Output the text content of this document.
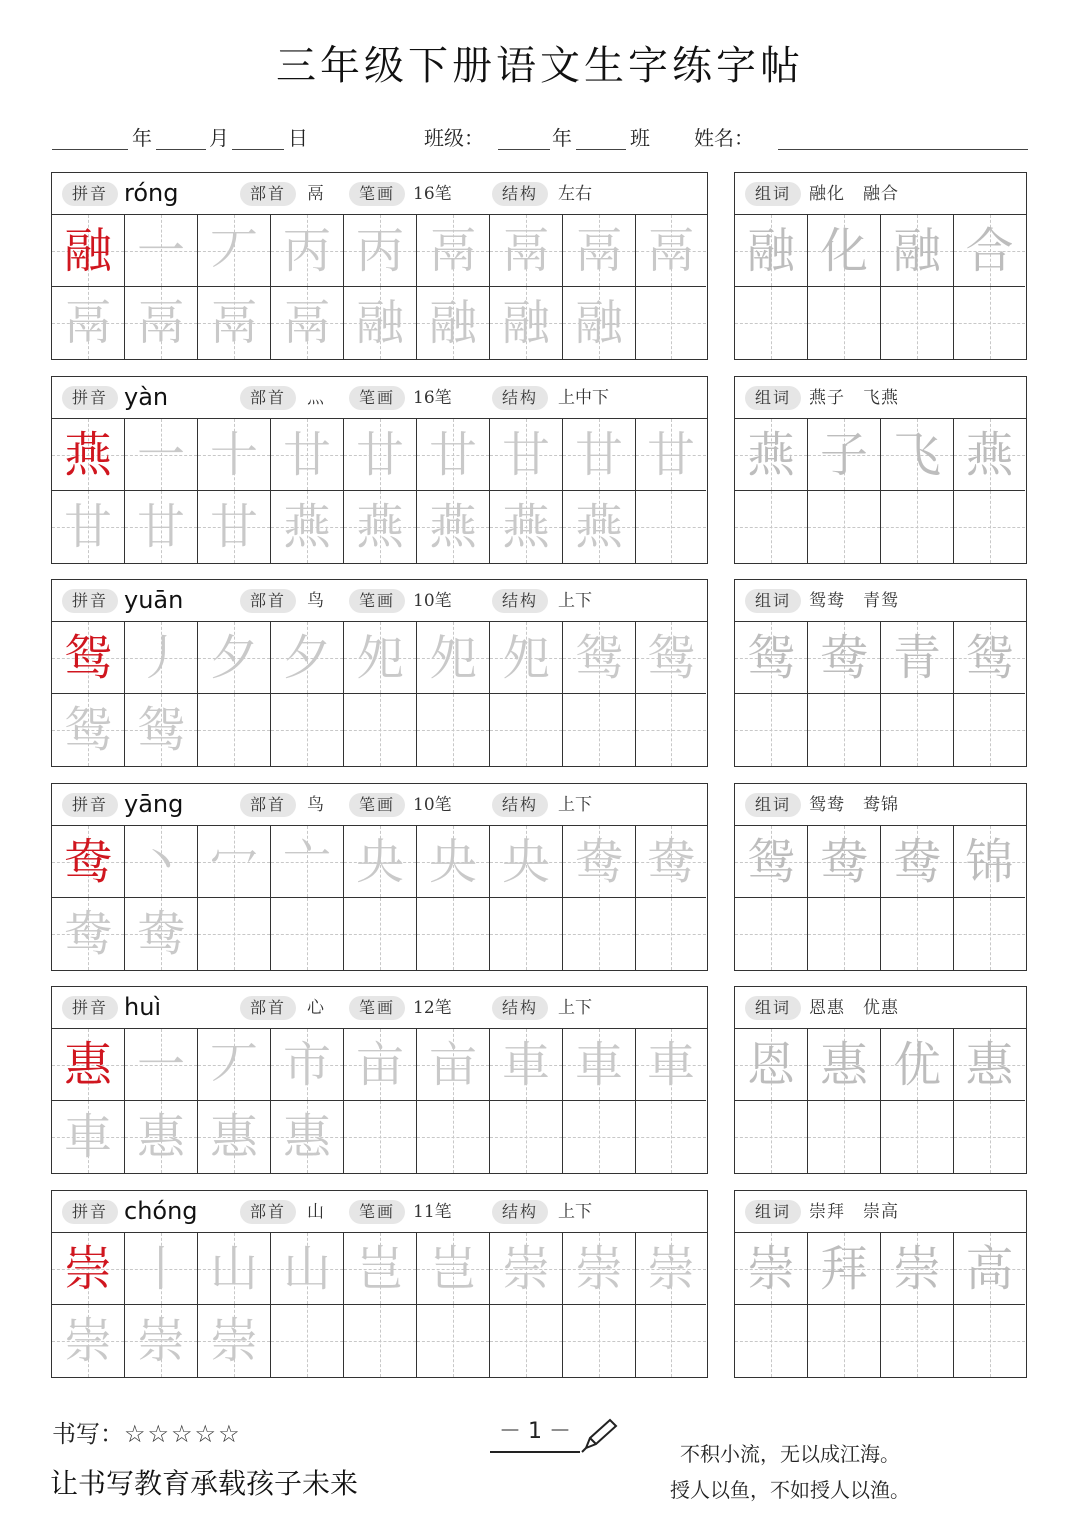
三年级下册语文生字练字帖
年	月	日	班级：	年	班 姓名：
拼音 róng	部首	鬲	笔画	16笔	结构	左右
融 一 丆 丙 丙 鬲 鬲 鬲 鬲
鬲 鬲 鬲 鬲 融 融 融 融
组词	融化　融合
融 化 融 合
拼音 yàn	部首	灬	笔画	16笔	结构	上中下
燕 一 十 廿 廿 廿 甘 甘 甘
甘 甘 甘 燕 燕 燕 燕 燕
组词	燕子　飞燕
燕 子 飞 燕
拼音 yuān	部首	鸟	笔画	10笔	结构	上下
鸳 丿 夕 夕 夗 夗 夗 鸳 鸳
鸳 鸳
组词	鸳鸯　青鸳
鸳 鸯 青 鸳
拼音 yāng	部首	鸟	笔画	10笔	结构	上下
鸯 丶 冖 亠 央 央 央 鸯 鸯
鸯 鸯
组词	鸳鸯　鸯锦
鸳 鸯 鸯 锦
拼音 huì	部首	心	笔画	12笔	结构	上下
惠 一 丆 市 亩 亩 車 車 車
車 惠 惠 惠
组词	恩惠　优惠
恩 惠 优 惠
拼音 chóng	部首	山	笔画	11笔	结构	上下
崇 丨 山 山 岂 岂 崇 崇 崇
崇 崇 崇
组词	崇拜　崇高
崇 拜 崇 高
书写：☆☆☆☆☆	－ 1 －
不积小流，无以成江海。
授人以鱼，不如授人以渔。
让书写教育承载孩子未来
